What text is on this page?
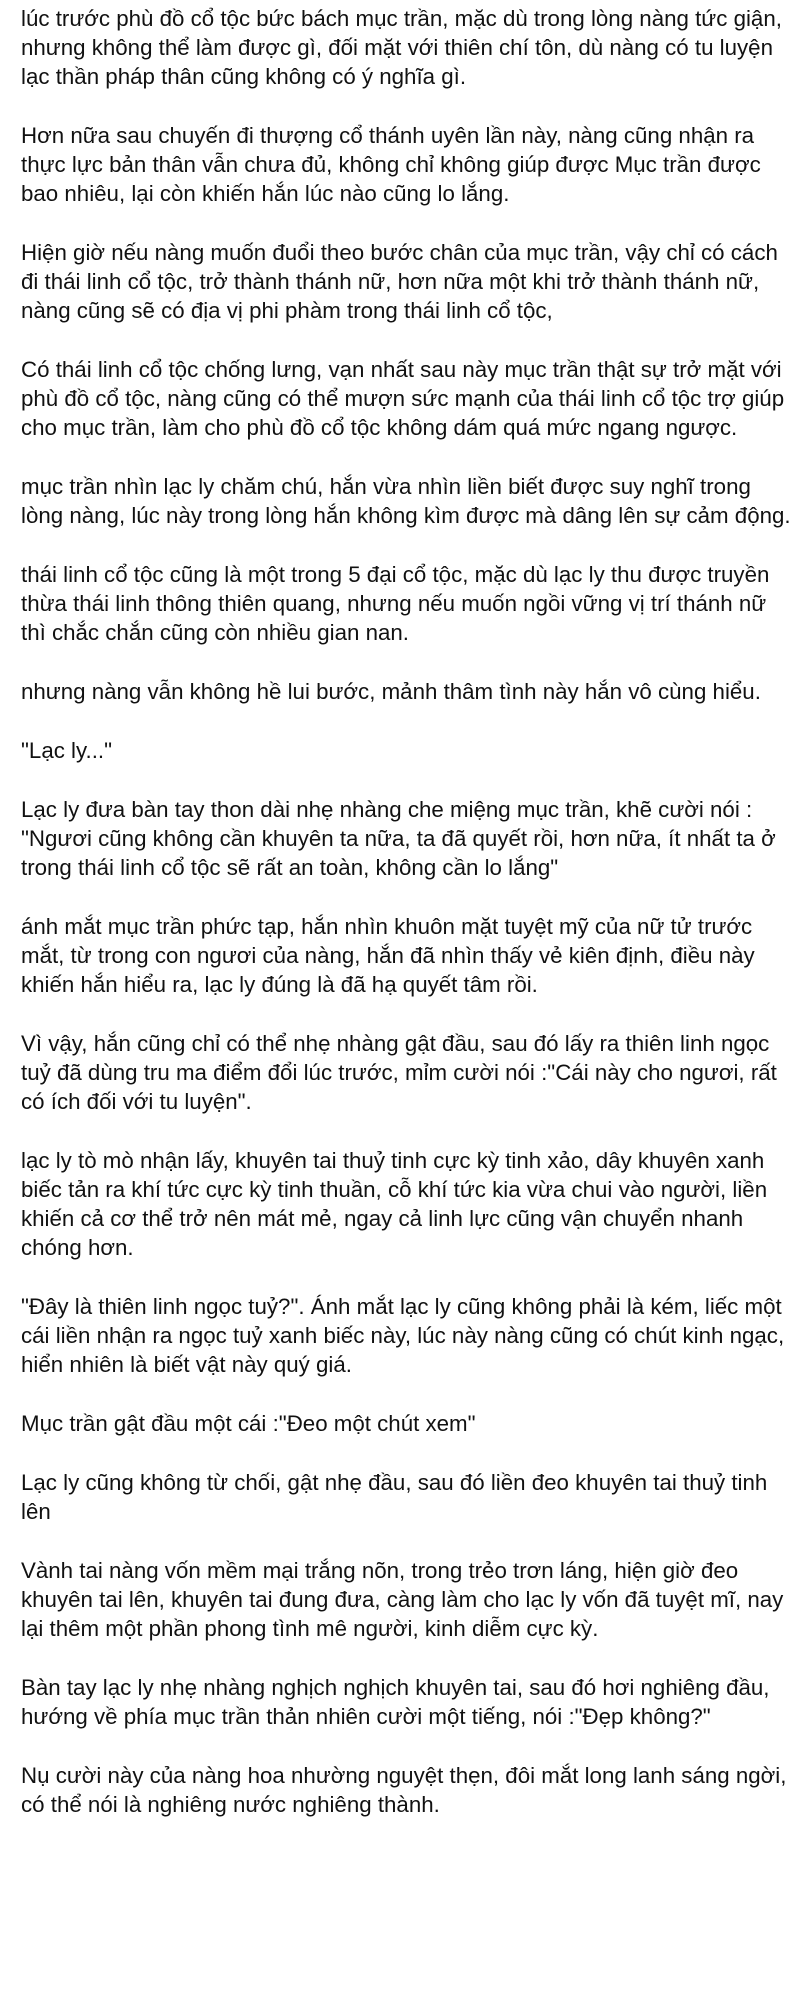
lúc trước phù đồ cổ tộc bức bách mục trần, mặc dù trong lòng nàng tức giận, nhưng không thể làm được gì, đối mặt với thiên chí tôn, dù nàng có tu luyện lạc thần pháp thân cũng không có ý nghĩa gì.

Hơn nữa sau chuyến đi thượng cổ thánh uyên lần này, nàng cũng nhận ra thực lực bản thân vẫn chưa đủ, không chỉ không giúp được Mục trần được bao nhiêu, lại còn khiến hắn lúc nào cũng lo lắng.

Hiện giờ nếu nàng muốn đuổi theo bước chân của mục trần, vậy chỉ có cách đi thái linh cổ tộc, trở thành thánh nữ, hơn nữa một khi trở thành thánh nữ, nàng cũng sẽ có địa vị phi phàm trong thái linh cổ tộc,

Có thái linh cổ tộc chống lưng, vạn nhất sau này mục trần thật sự trở mặt với phù đồ cổ tộc, nàng cũng có thể mượn sức mạnh của thái linh cổ tộc trợ giúp cho mục trần, làm cho phù đồ cổ tộc không dám quá mức ngang ngược.

mục trần nhìn lạc ly chăm chú, hắn vừa nhìn liền biết được suy nghĩ trong lòng nàng, lúc này trong lòng hắn không kìm được mà dâng lên sự cảm động.

thái linh cổ tộc cũng là một trong 5 đại cổ tộc, mặc dù lạc ly thu được truyền thừa thái linh thông thiên quang, nhưng nếu muốn ngồi vững vị trí thánh nữ thì chắc chắn cũng còn nhiều gian nan.

nhưng nàng vẫn không hề lui bước, mảnh thâm tình này hắn vô cùng hiểu.

"Lạc ly..."

Lạc ly đưa bàn tay thon dài nhẹ nhàng che miệng mục trần, khẽ cười nói : "Ngươi cũng không cần khuyên ta nữa, ta đã quyết rồi, hơn nữa, ít nhất ta ở trong thái linh cổ tộc sẽ rất an toàn, không cần lo lắng"

ánh mắt mục trần phức tạp, hắn nhìn khuôn mặt tuyệt mỹ của nữ tử trước mắt, từ trong con ngươi của nàng, hắn đã nhìn thấy vẻ kiên định, điều này khiến hắn hiểu ra, lạc ly đúng là đã hạ quyết tâm rồi.

Vì vậy, hắn cũng chỉ có thể nhẹ nhàng gật đầu, sau đó lấy ra thiên linh ngọc tuỷ đã dùng tru ma điểm đổi lúc trước, mỉm cười nói :"Cái này cho ngươi, rất có ích đối với tu luyện".

lạc ly tò mò nhận lấy, khuyên tai thuỷ tinh cực kỳ tinh xảo, dây khuyên xanh biếc tản ra khí tức cực kỳ tinh thuần, cỗ khí tức kia vừa chui vào người, liền khiến cả cơ thể trở nên mát mẻ, ngay cả linh lực cũng vận chuyển nhanh chóng hơn.

"Đây là thiên linh ngọc tuỷ?". Ánh mắt lạc ly cũng không phải là kém, liếc một cái liền nhận ra ngọc tuỷ xanh biếc này, lúc này nàng cũng có chút kinh ngạc, hiển nhiên là biết vật này quý giá.

Mục trần gật đầu một cái :"Đeo một chút xem"

Lạc ly cũng không từ chối, gật nhẹ đầu, sau đó liền đeo khuyên tai thuỷ tinh lên

Vành tai nàng vốn mềm mại trắng nõn, trong trẻo trơn láng, hiện giờ đeo khuyên tai lên, khuyên tai đung đưa, càng làm cho lạc ly vốn đã tuyệt mĩ, nay lại thêm một phần phong tình mê người, kinh diễm cực kỳ.

Bàn tay lạc ly nhẹ nhàng nghịch nghịch khuyên tai, sau đó hơi nghiêng đầu, hướng về phía mục trần thản nhiên cười một tiếng, nói :"Đẹp không?"

Nụ cười này của nàng hoa nhường nguyệt thẹn, đôi mắt long lanh sáng ngời, có thể nói là nghiêng nước nghiêng thành.
